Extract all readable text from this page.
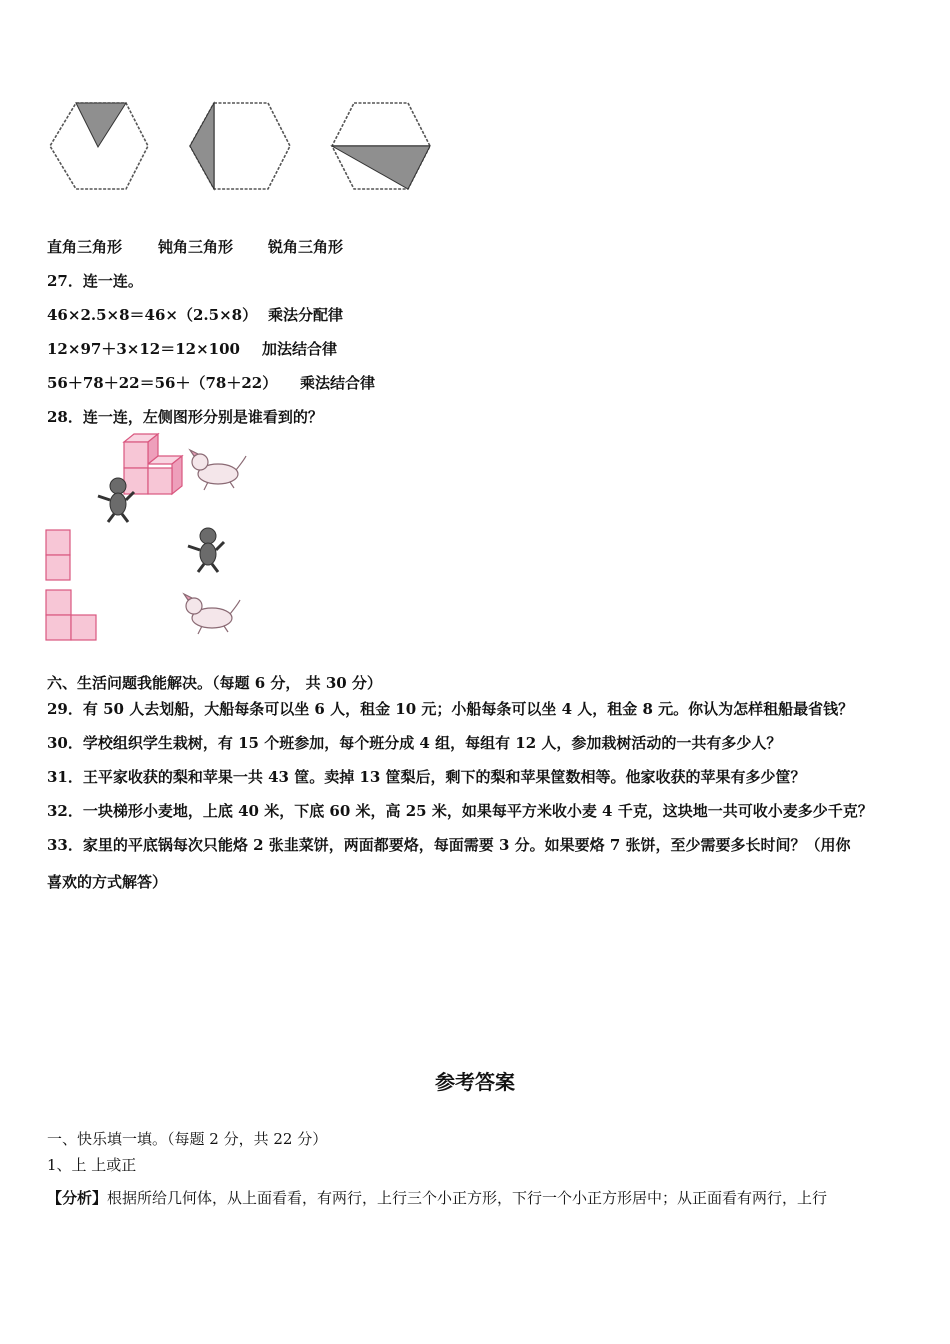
直角三角形 钝角三角形 锐角三角形
27．连一连。
46×2.5×8＝46×（2.5×8） 乘法分配律
12×97＋3×12＝12×100 加法结合律
56＋78＋22＝56＋（78＋22） 乘法结合律
28．连一连，左侧图形分别是谁看到的？
六、生活问题我能解决。（每题 6 分， 共 30 分）
29．有 50 人去划船，大船每条可以坐 6 人，租金 10 元；小船每条可以坐 4 人，租金 8 元。你认为怎样租船最省钱？
30．学校组织学生栽树，有 15 个班参加，每个班分成 4 组，每组有 12 人，参加栽树活动的一共有多少人？
31．王平家收获的梨和苹果一共 43 筐。卖掉 13 筐梨后，剩下的梨和苹果筐数相等。他家收获的苹果有多少筐？
32．一块梯形小麦地，上底 40 米，下底 60 米，高 25 米，如果每平方米收小麦 4 千克，这块地一共可收小麦多少千克？
33．家里的平底锅每次只能烙 2 张韭菜饼，两面都要烙，每面需要 3 分。如果要烙 7 张饼，至少需要多长时间？（用你
喜欢的方式解答）
参考答案
一、快乐填一填。（每题 2 分，共 22 分）
1、上 上或正
【分析】根据所给几何体，从上面看看，有两行，上行三个小正方形，下行一个小正方形居中；从正面看有两行，上行
